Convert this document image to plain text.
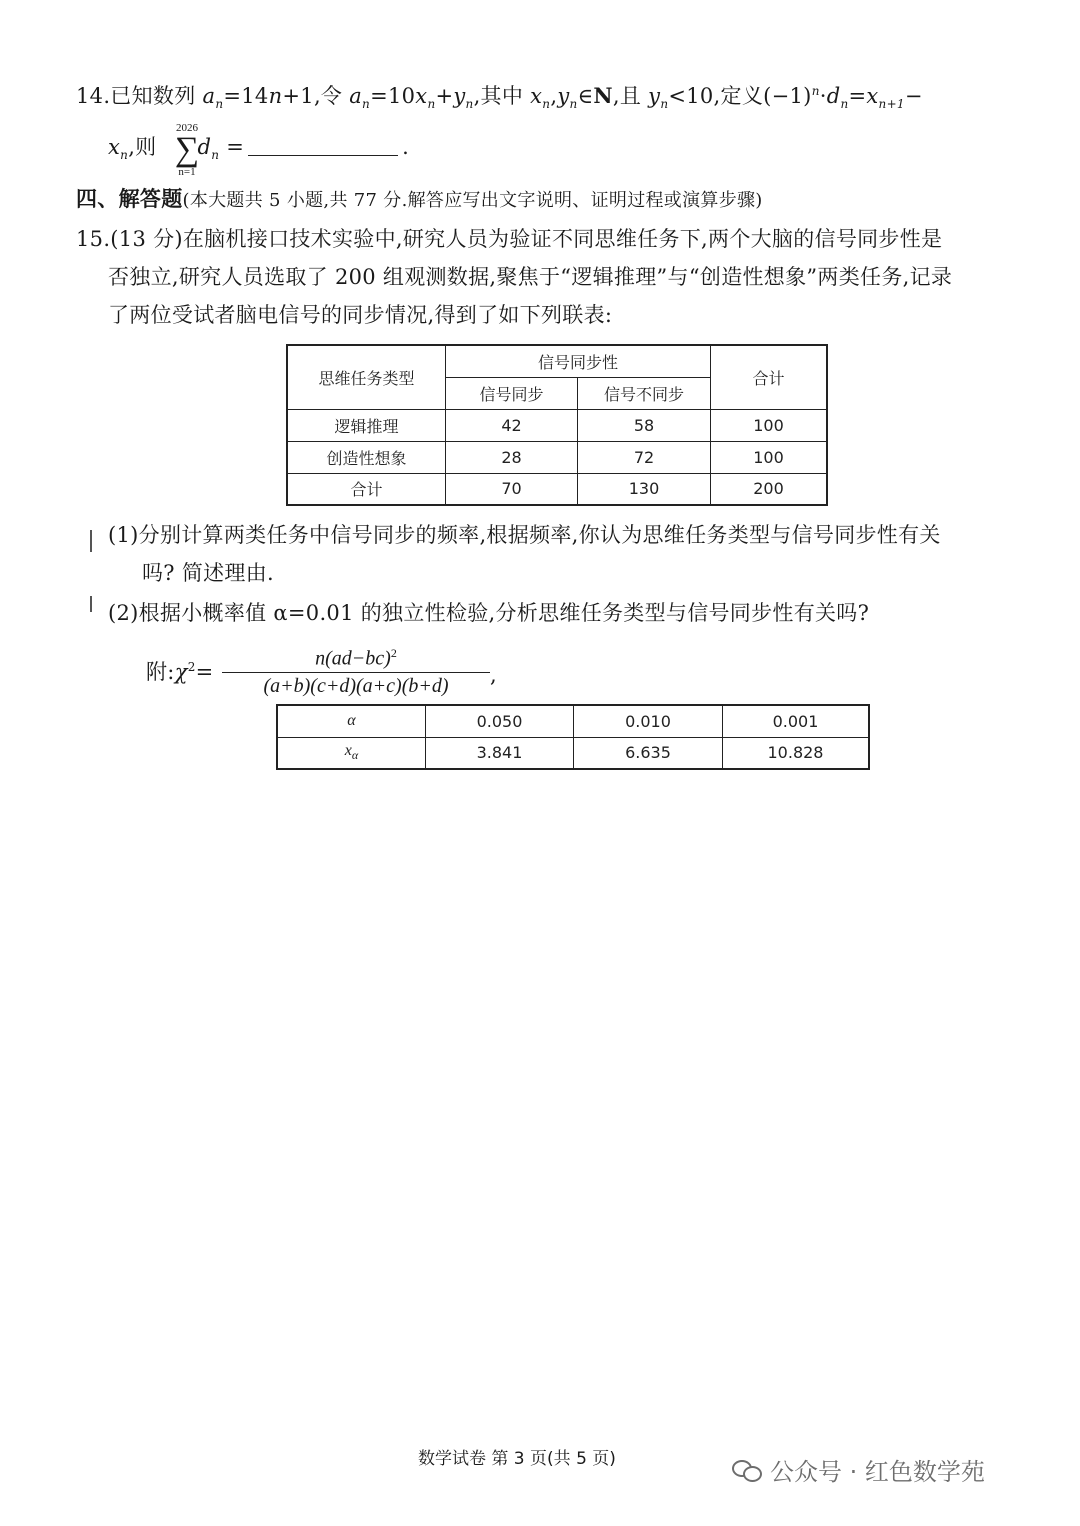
14.已知数列 $a_n=14n+1$,令 $a_n=10x_n+y_n$,其中 $x_n,y_n\in N$,且 $y_n<10$,定义$(-1)^n\cdot d_n=x_{n+1}-$
$x_n$,则 $d_n$ =	.
2026
∑
n=1
四、解答题(本大题共 5 小题,共 77 分.解答应写出文字说明、证明过程或演算步骤)
15.(13 分)在脑机接口技术实验中,研究人员为验证不同思维任务下,两个大脑的信号同步性是
否独立,研究人员选取了 200 组观测数据,聚焦于“逻辑推理”与“创造性想象”两类任务,记录
了两位受试者脑电信号的同步情况,得到了如下列联表:
思维任务类型	信号同步性		合计
	信号同步	信号不同步	
逻辑推理	42	58	100
创造性想象	28	72	100
合计	70	130	200
(1)分别计算两类任务中信号同步的频率,根据频率,你认为思维任务类型与信号同步性有关
吗? 简述理由.
(2)根据小概率值 α=0.01 的独立性检验,分析思维任务类型与信号同步性有关吗?
附$:\chi^2= \frac{n(ad-bc)^2}{(a+b)(c+d)(a+c)(b+d)}$ ,
α	0.050	0.010	0.001
$x_\alpha$	3.841	6.635	10.828
数学试卷 第 3 页(共 5 页)	公众号 · 红色数学苑
